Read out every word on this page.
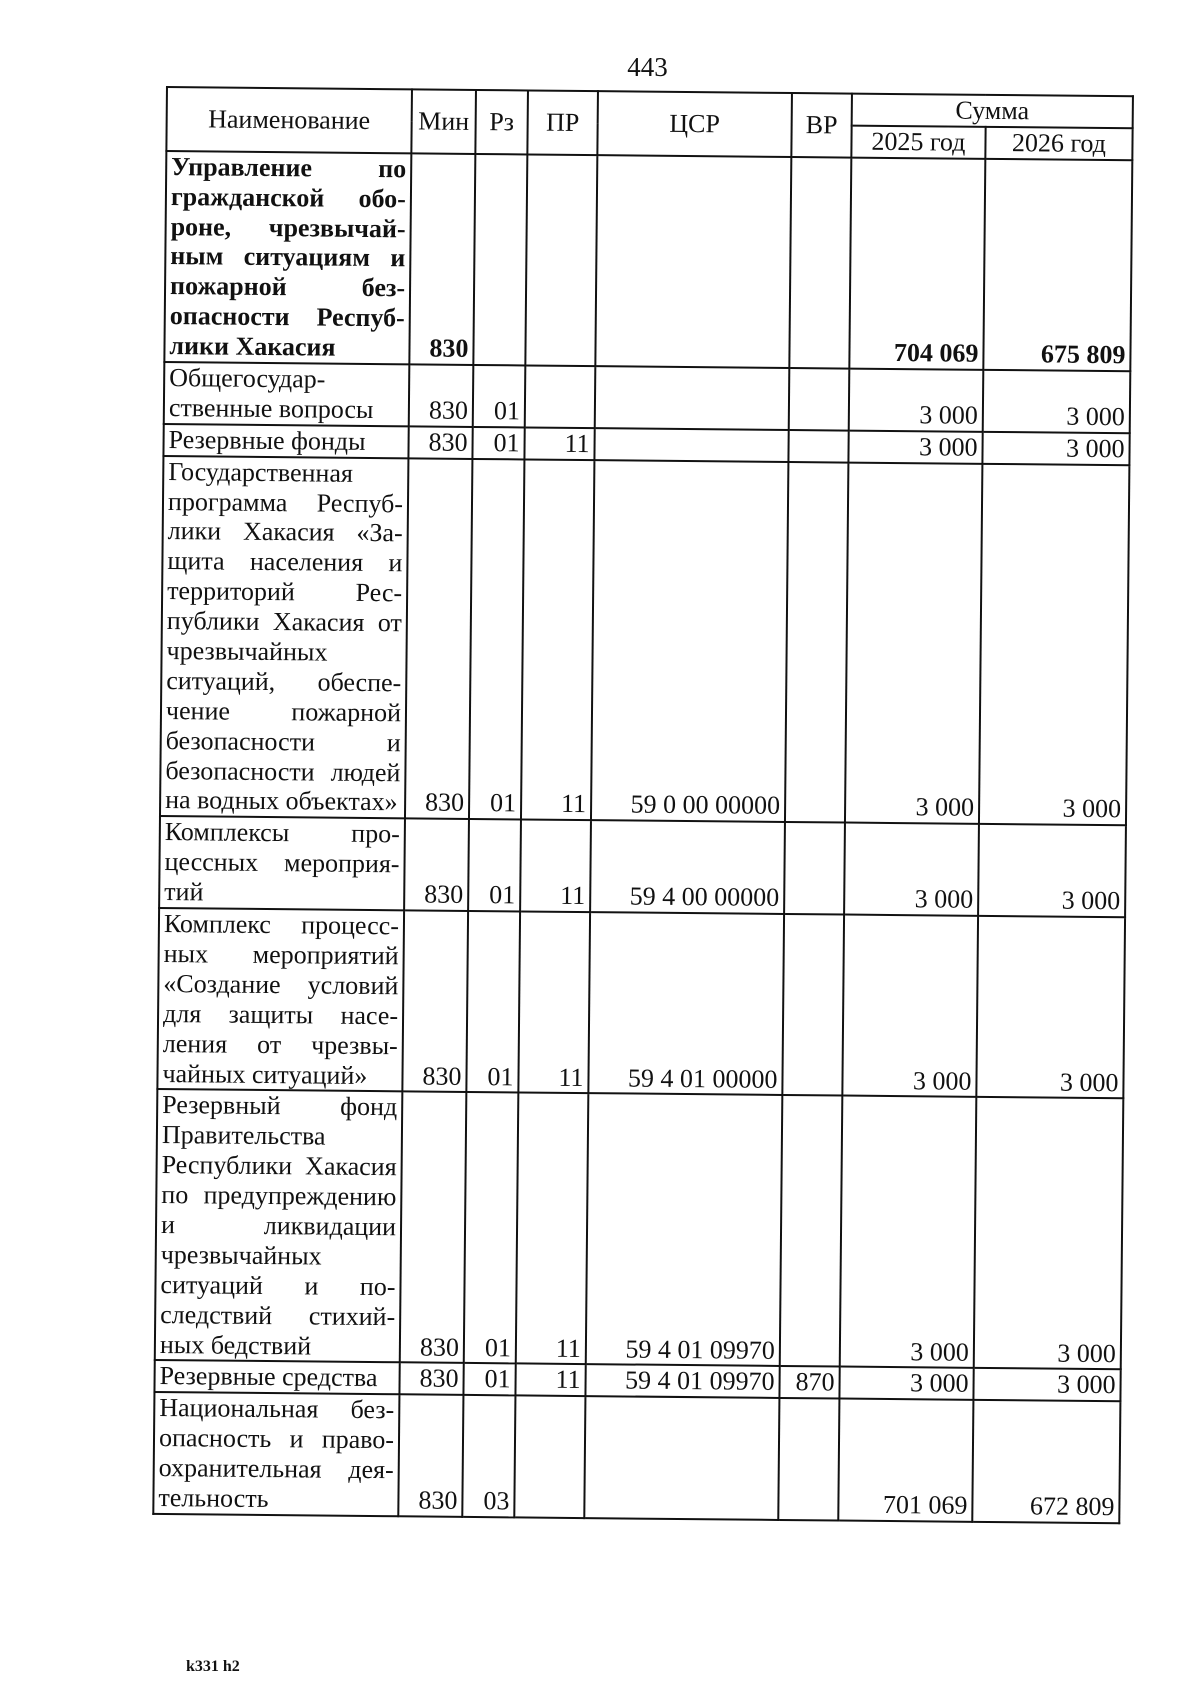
443
Наименование	Мин	Рз	ПР	ЦСР	ВР	Сумма	
						2025 год	2026 год
Управление по гражданской обороне, чрезвычайным ситуациям и пожарной безопасности Республики Хакасия	830					704 069	675 809
Общегосударственные вопросы	830	01				3 000	3 000
Резервные фонды	830	01	11			3 000	3 000
Государственная программа Республики Хакасия «Защита населения и территорий Республики Хакасия от чрезвычайных ситуаций, обеспечение пожарной безопасности и безопасности людей на водных объектах»	830	01	11	59 0 00 00000		3 000	3 000
Комплексы процессных мероприятий	830	01	11	59 4 00 00000		3 000	3 000
Комплекс процессных мероприятий «Создание условий для защиты населения от чрезвычайных ситуаций»	830	01	11	59 4 01 00000		3 000	3 000
Резервный фонд Правительства Республики Хакасия по предупреждению и ликвидации чрезвычайных ситуаций и последствий стихийных бедствий	830	01	11	59 4 01 09970		3 000	3 000
Резервные средства	830	01	11	59 4 01 09970	870	3 000	3 000
Национальная безопасность и правоохранительная деятельность	830	03				701 069	672 809
k331 h2
